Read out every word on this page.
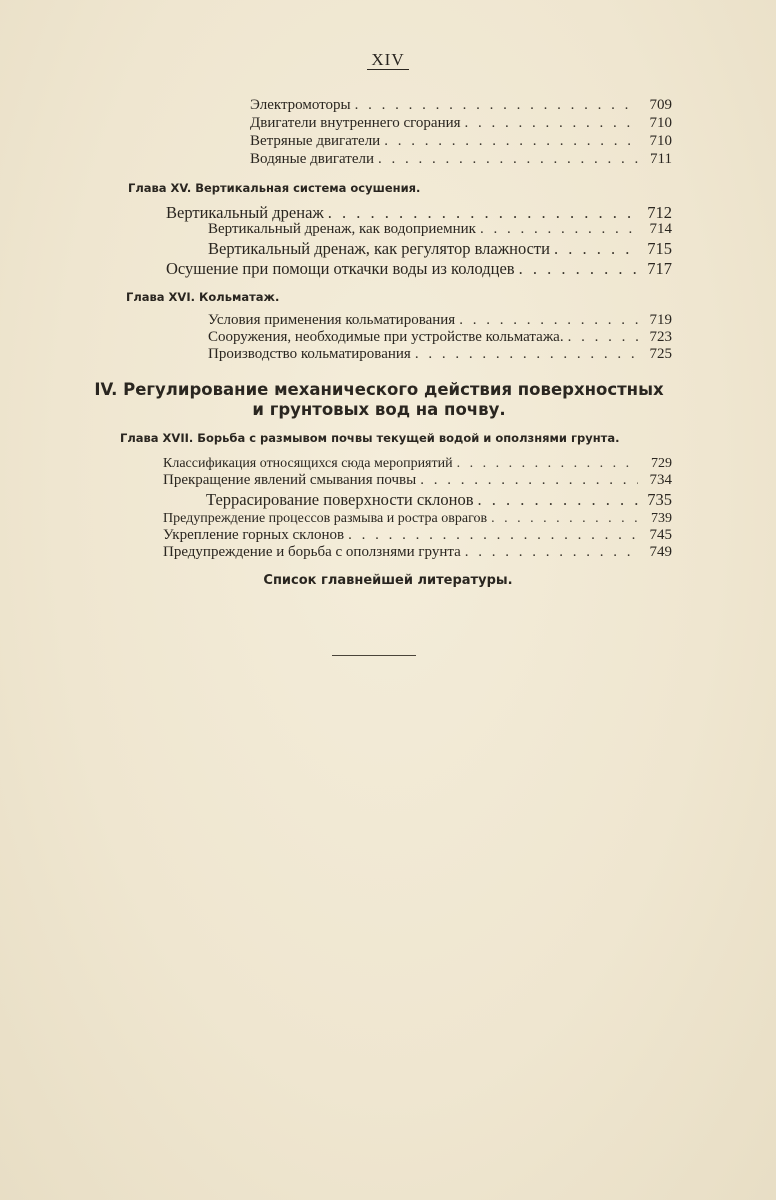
XIV
Электромоторы . . .	709
Двигатели внутреннего сгорания . . .	710
Ветряные двигатели . . .	710
Водяные двигатели . . .	711
Глава XV. Вертикальная система осушения.
Вертикальный дренаж . . .	712
Вертикальный дренаж, как водоприемник . . .	714
Вертикальный дренаж, как регулятор влажности . . .	715
Осушение при помощи откачки воды из колодцев . . .	717
Глава XVI. Кольматаж.
Условия применения кольматирования . . .	719
Сооружения, необходимые при устройстве кольматажа. . . .	723
Производство кольматирования . . .	725
IV. Регулирование механического действия поверхностных
и грунтовых вод на почву.
Глава XVII. Борьба с размывом почвы текущей водой и оползнями грунта.
Классификация относящихся сюда мероприятий . . .	729
Прекращение явлений смывания почвы . . .	734
Террасирование поверхности склонов . . .	735
Предупреждение процессов размыва и рострa оврагов . . .	739
Укрепление горных склонов . . .	745
Предупреждение и борьба с оползнями грунта . . .	749
Список главнейшей литературы.
